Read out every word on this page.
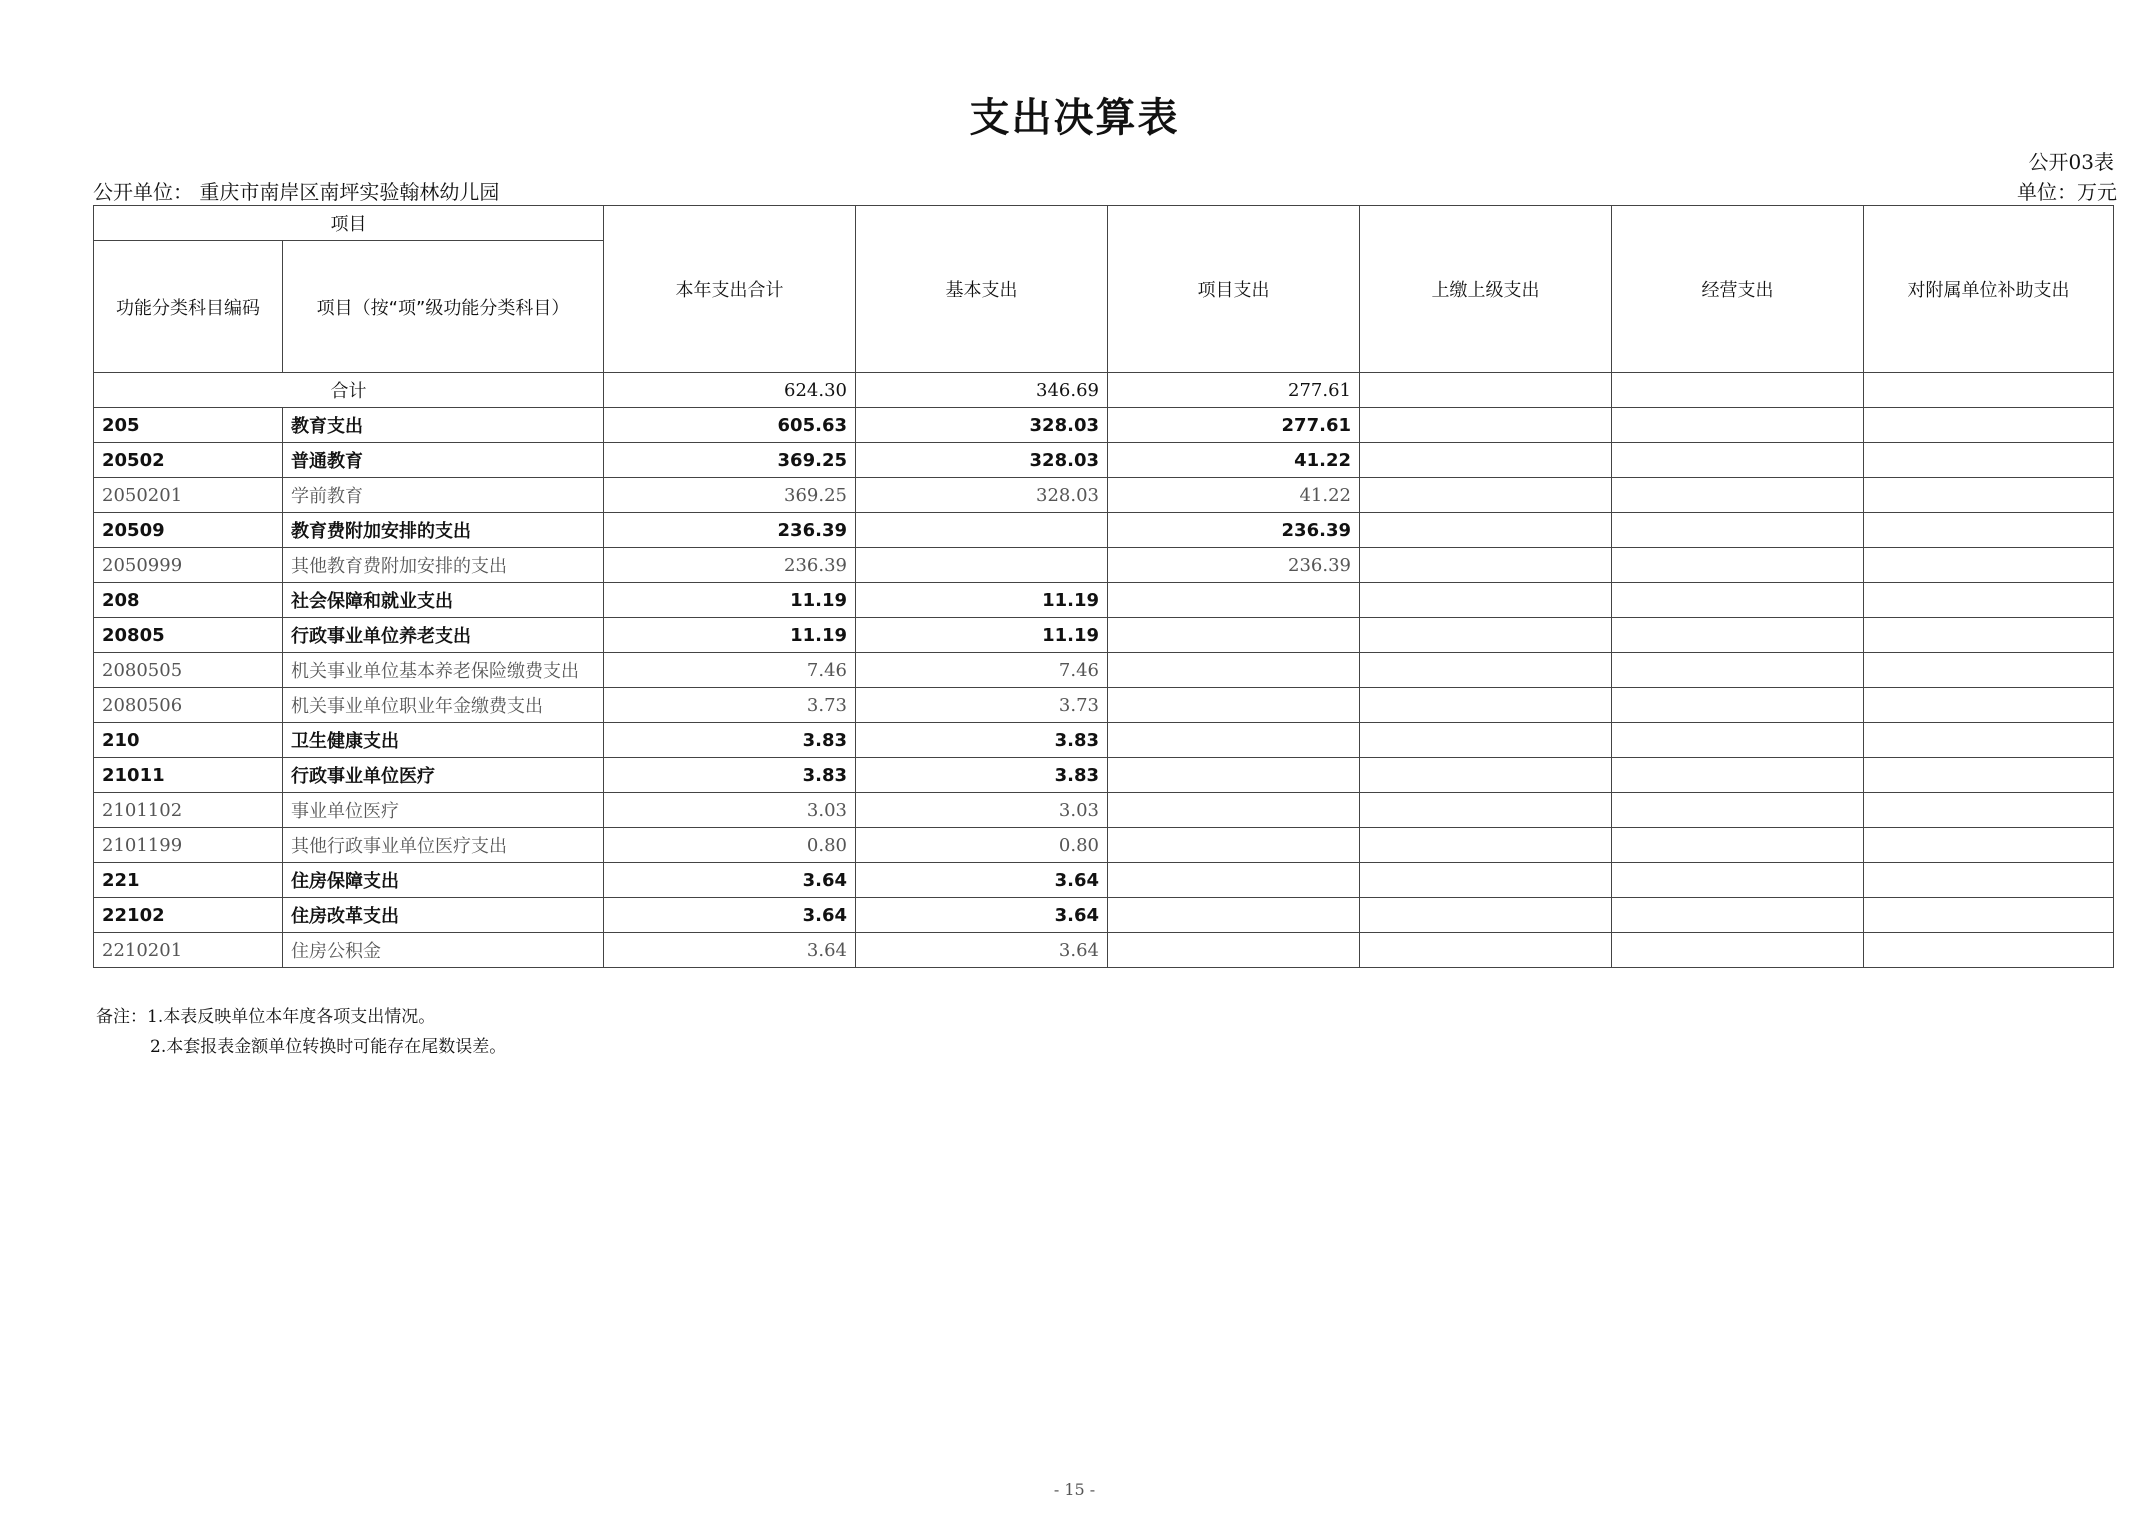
支出决算表
公开03表
公开单位： 重庆市南岸区南坪实验翰林幼儿园	单位：万元
项目		本年支出合计	基本支出	项目支出	上缴上级支出	经营支出	对附属单位补助支出
功能分类科目编码	项目（按“项”级功能分类科目）						
合计		624.30	346.69	277.61			
205	教育支出	605.63	328.03	277.61			
20502	普通教育	369.25	328.03	41.22			
2050201	学前教育	369.25	328.03	41.22			
20509	教育费附加安排的支出	236.39		236.39			
2050999	其他教育费附加安排的支出	236.39		236.39			
208	社会保障和就业支出	11.19	11.19				
20805	行政事业单位养老支出	11.19	11.19				
2080505	机关事业单位基本养老保险缴费支出	7.46	7.46				
2080506	机关事业单位职业年金缴费支出	3.73	3.73				
210	卫生健康支出	3.83	3.83				
21011	行政事业单位医疗	3.83	3.83				
2101102	事业单位医疗	3.03	3.03				
2101199	其他行政事业单位医疗支出	0.80	0.80				
221	住房保障支出	3.64	3.64				
22102	住房改革支出	3.64	3.64				
2210201	住房公积金	3.64	3.64				
备注：1.本表反映单位本年度各项支出情况。
2.本套报表金额单位转换时可能存在尾数误差。
- 15 -
